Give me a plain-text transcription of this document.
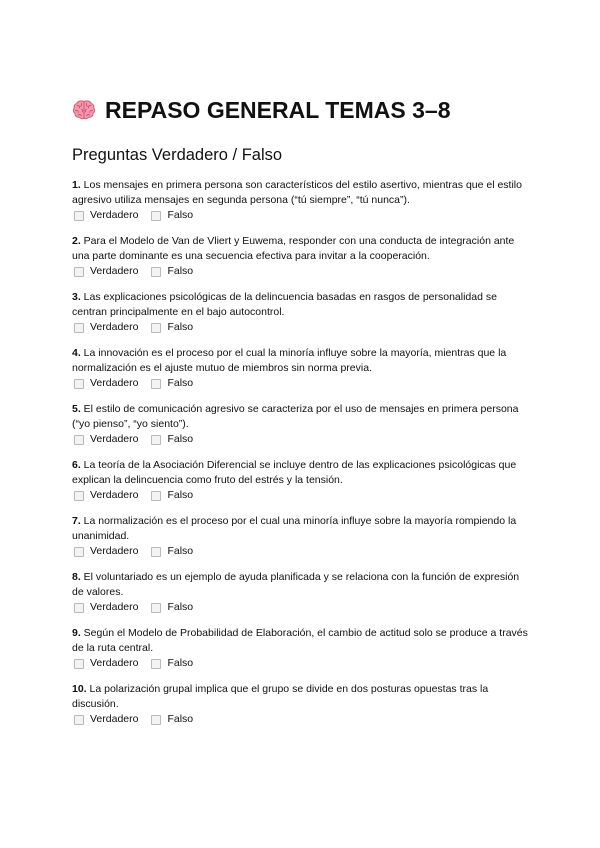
REPASO GENERAL TEMAS 3–8
Preguntas Verdadero / Falso

1. Los mensajes en primera persona son característicos del estilo asertivo, mientras que el estilo agresivo utiliza mensajes en segunda persona (“tú siempre”, “tú nunca”).

Verdadero	Falso

2. Para el Modelo de Van de Vliert y Euwema, responder con una conducta de integración ante una parte dominante es una secuencia efectiva para invitar a la cooperación.

Verdadero	Falso

3. Las explicaciones psicológicas de la delincuencia basadas en rasgos de personalidad se centran principalmente en el bajo autocontrol.

Verdadero	Falso

4. La innovación es el proceso por el cual la minoría influye sobre la mayoría, mientras que la normalización es el ajuste mutuo de miembros sin norma previa.

Verdadero	Falso

5. El estilo de comunicación agresivo se caracteriza por el uso de mensajes en primera persona (“yo pienso”, “yo siento”).

Verdadero	Falso

6. La teoría de la Asociación Diferencial se incluye dentro de las explicaciones psicológicas que explican la delincuencia como fruto del estrés y la tensión.

Verdadero	Falso

7. La normalización es el proceso por el cual una minoría influye sobre la mayoría rompiendo la unanimidad.

Verdadero	Falso

8. El voluntariado es un ejemplo de ayuda planificada y se relaciona con la función de expresión de valores.

Verdadero	Falso

9. Según el Modelo de Probabilidad de Elaboración, el cambio de actitud solo se produce a través de la ruta central.

Verdadero	Falso

10. La polarización grupal implica que el grupo se divide en dos posturas opuestas tras la discusión.

Verdadero	Falso
